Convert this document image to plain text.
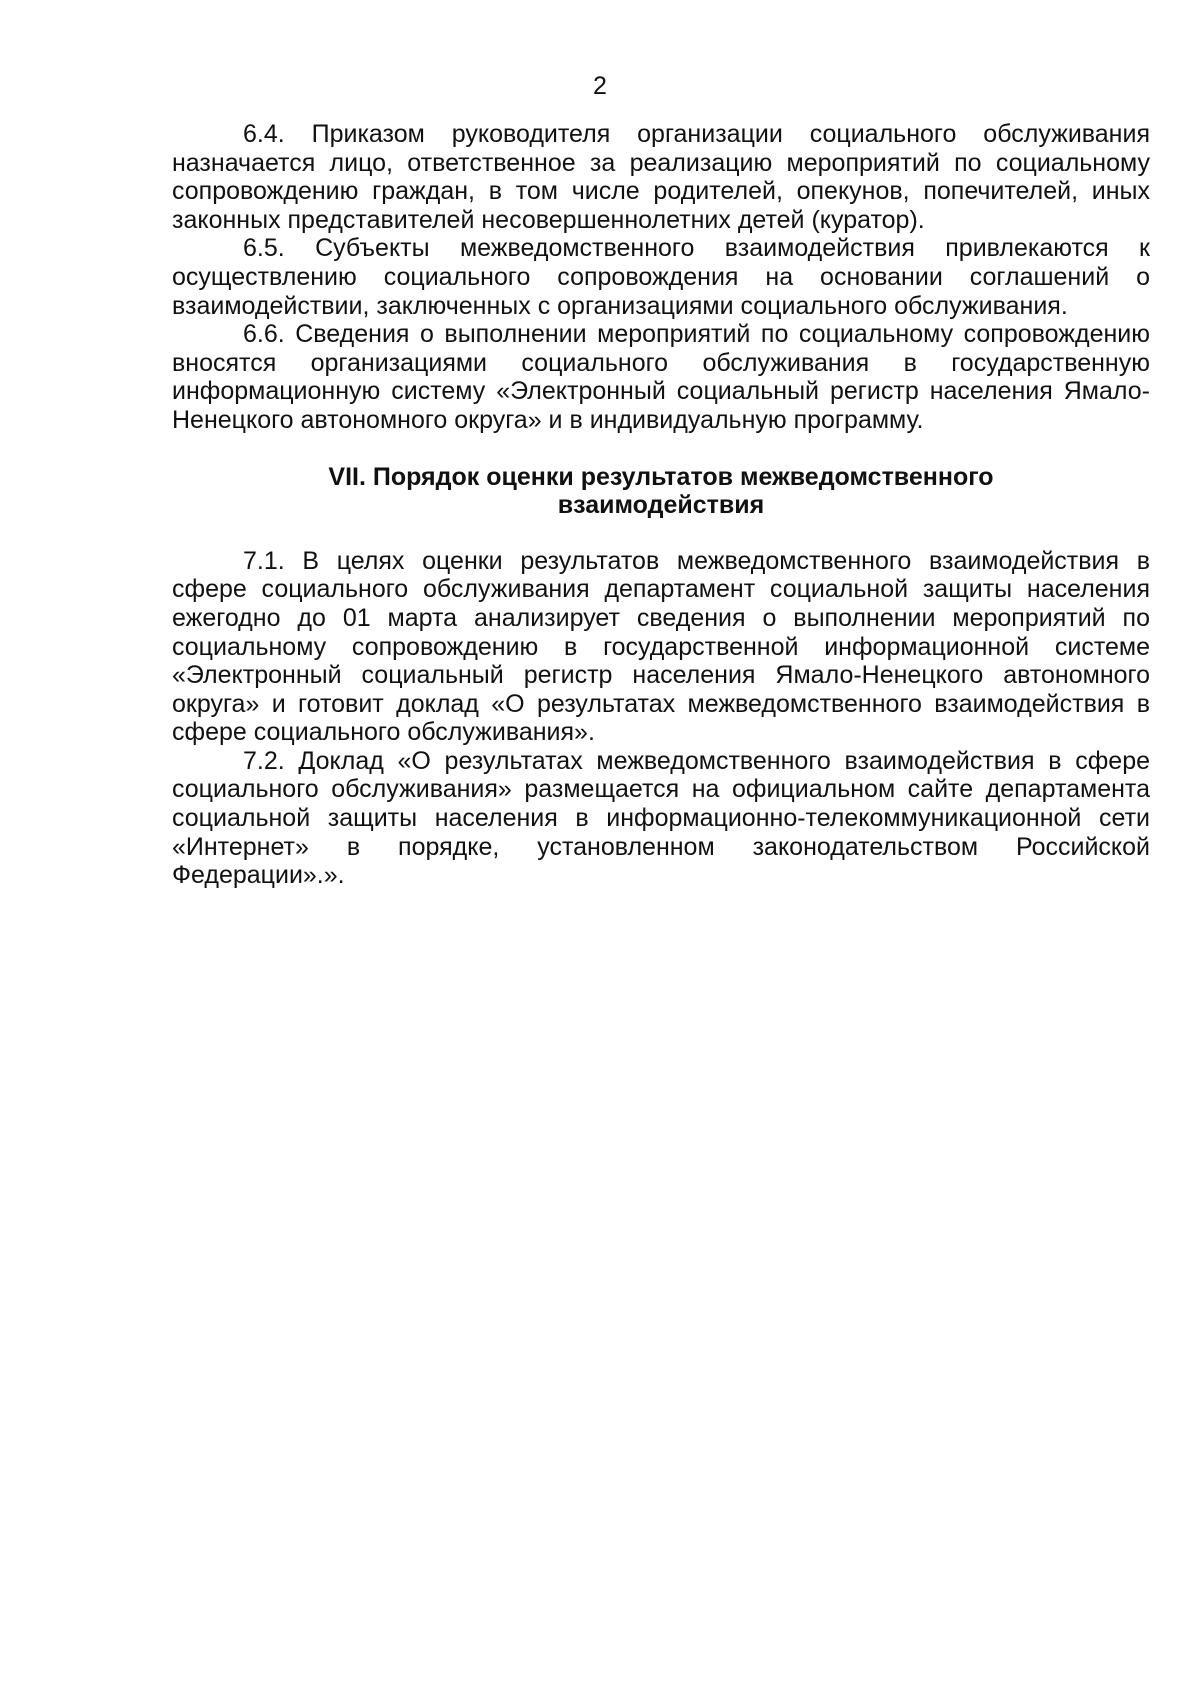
2

6.4. Приказом руководителя организации социального обслуживания назначается лицо, ответственное за реализацию мероприятий по социальному сопровождению граждан, в том числе родителей, опекунов, попечителей, иных законных представителей несовершеннолетних детей (куратор).

6.5. Субъекты межведомственного взаимодействия привлекаются к осуществлению социального сопровождения на основании соглашений о взаимодействии, заключенных с организациями социального обслуживания.

6.6. Сведения о выполнении мероприятий по социальному сопровождению вносятся организациями социального обслуживания в государственную информационную систему «Электронный социальный регистр населения Ямало-Ненецкого автономного округа» и в индивидуальную программу.

VII. Порядок оценки результатов межведомственного
взаимодействия

7.1. В целях оценки результатов межведомственного взаимодействия в сфере социального обслуживания департамент социальной защиты населения ежегодно до 01 марта анализирует сведения о выполнении мероприятий по социальному сопровождению в государственной информационной системе «Электронный социальный регистр населения Ямало-Ненецкого автономного округа» и готовит доклад «О результатах межведомственного взаимодействия в сфере социального обслуживания».

7.2. Доклад «О результатах межведомственного взаимодействия в сфере социального обслуживания» размещается на официальном сайте департамента социальной защиты населения в информационно-телекоммуникационной сети «Интернет» в порядке, установленном законодательством Российской Федерации».».
